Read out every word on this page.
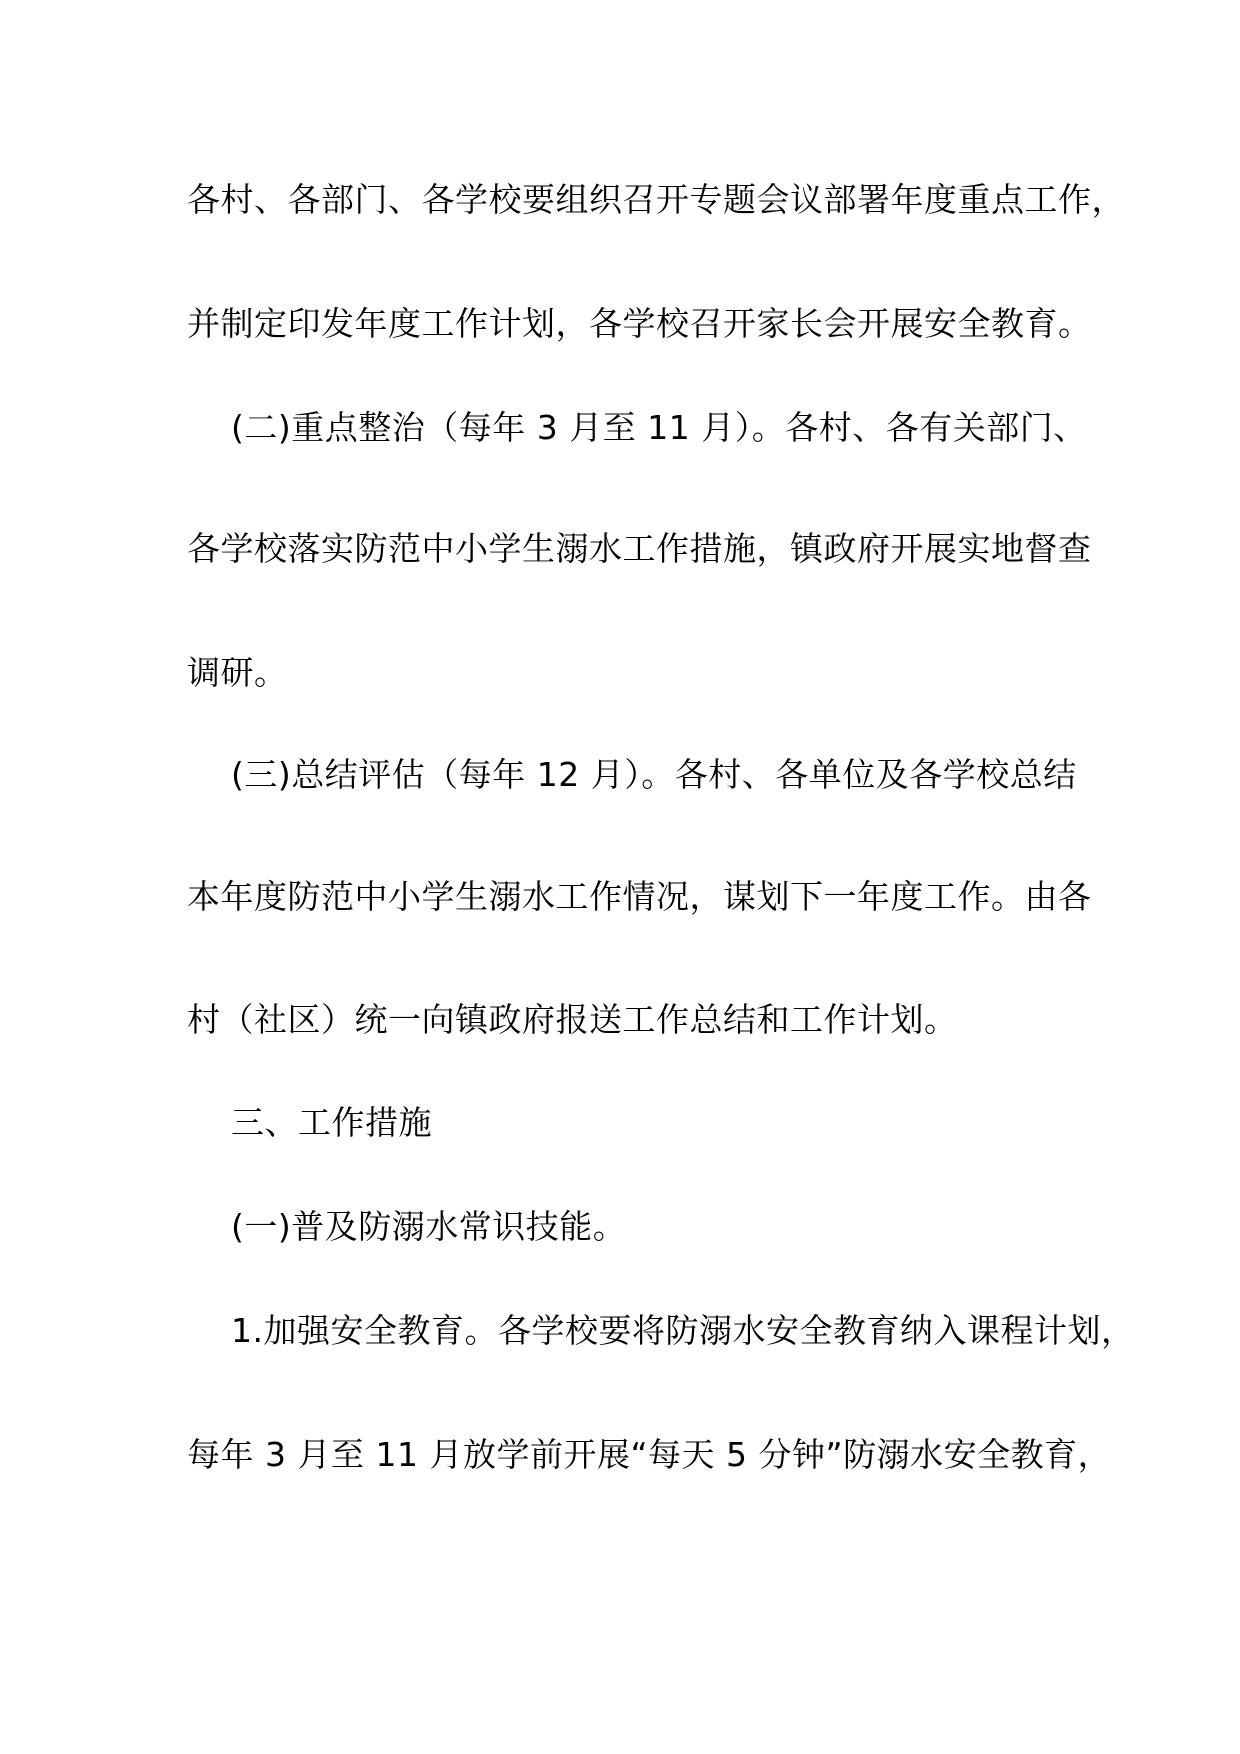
各村、各部门、各学校要组织召开专题会议部署年度重点工作，
并制定印发年度工作计划，各学校召开家长会开展安全教育。
(二)重点整治（每年 3 月至 11 月）。各村、各有关部门、
各学校落实防范中小学生溺水工作措施，镇政府开展实地督查
调研。
(三)总结评估（每年 12 月）。各村、各单位及各学校总结
本年度防范中小学生溺水工作情况，谋划下一年度工作。由各
村（社区）统一向镇政府报送工作总结和工作计划。
三、工作措施
(一)普及防溺水常识技能。
1.加强安全教育。各学校要将防溺水安全教育纳入课程计划，
每年 3 月至 11 月放学前开展“每天 5 分钟”防溺水安全教育，
